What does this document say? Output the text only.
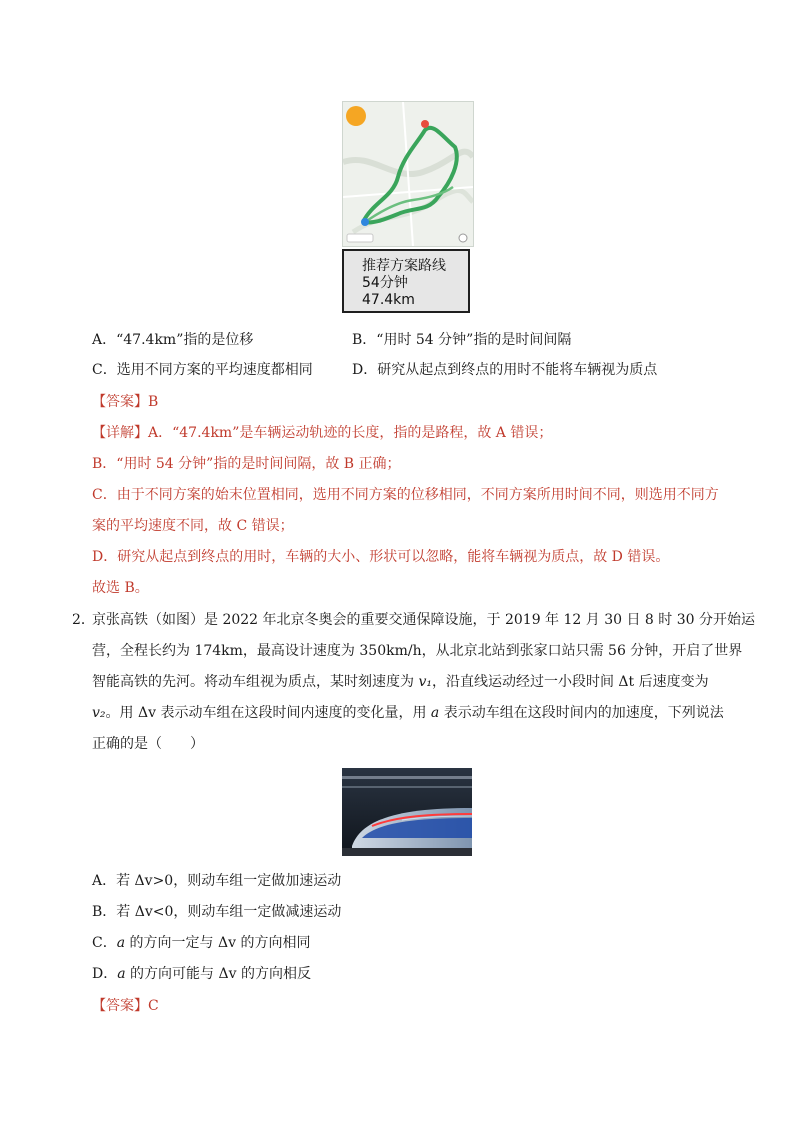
推荐方案路线
54分钟
47.4km
A．“47.4km”指的是位移	B．“用时 54 分钟”指的是时间间隔
C．选用不同方案的平均速度都相同	D．研究从起点到终点的用时不能将车辆视为质点
【答案】B
【详解】A．“47.4km”是车辆运动轨迹的长度，指的是路程，故 A 错误；
B．“用时 54 分钟”指的是时间间隔，故 B 正确；
C．由于不同方案的始末位置相同，选用不同方案的位移相同，不同方案所用时间不同，则选用不同方
案的平均速度不同，故 C 错误；
D．研究从起点到终点的用时，车辆的大小、形状可以忽略，能将车辆视为质点，故 D 错误。
故选 B。
2．
京张高铁（如图）是 2022 年北京冬奥会的重要交通保障设施，于 2019 年 12 月 30 日 8 时 30 分开始运
营，全程长约为 174km，最高设计速度为 350km/h，从北京北站到张家口站只需 56 分钟，开启了世界
智能高铁的先河。将动车组视为质点，某时刻速度为 v₁，沿直线运动经过一小段时间 Δt 后速度变为
v₂。用 Δv 表示动车组在这段时间内速度的变化量，用 a 表示动车组在这段时间内的加速度，下列说法
正确的是（　　）
A．若 Δv>0，则动车组一定做加速运动
B．若 Δv<0，则动车组一定做减速运动
C．a 的方向一定与 Δv 的方向相同
D．a 的方向可能与 Δv 的方向相反
【答案】C
